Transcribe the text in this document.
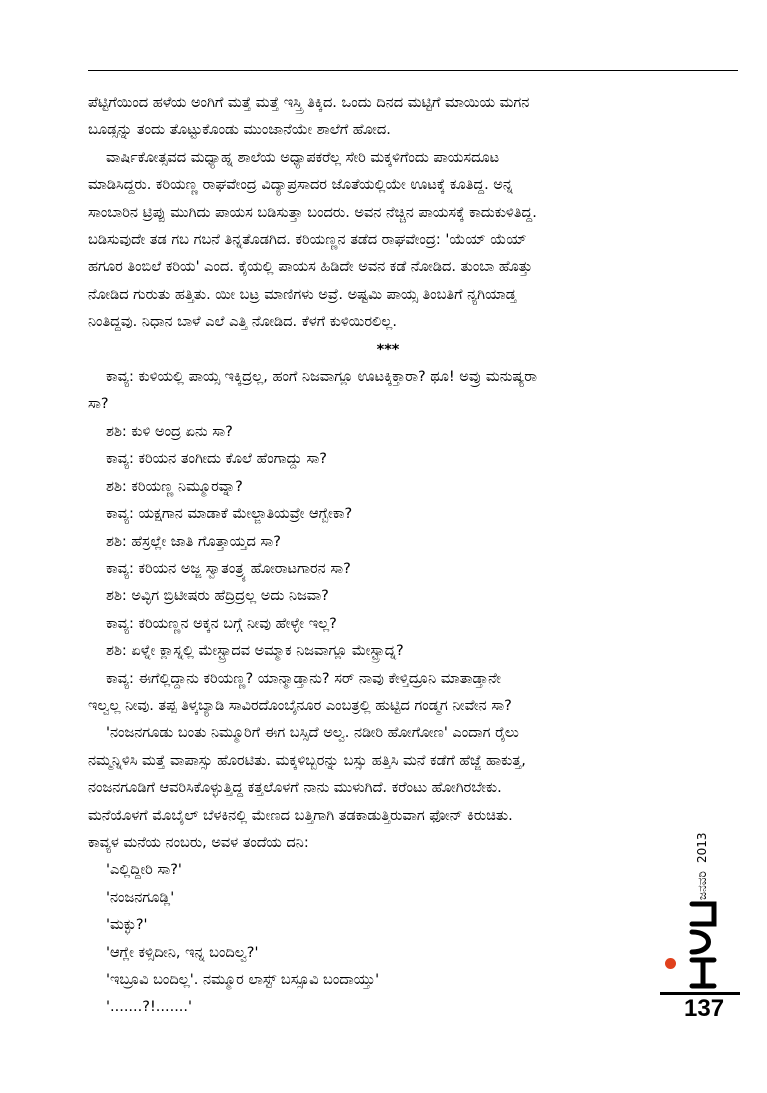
ಪೆಟ್ಟಿಗೆಯಿಂದ ಹಳೆಯ ಅಂಗಿಗೆ ಮತ್ತೆ ಮತ್ತೆ ಇಸ್ತ್ರಿ ತಿಕ್ಕಿದ. ಒಂದು ದಿನದ ಮಟ್ಟಿಗೆ ಮಾಯಿಯ ಮಗನ

ಬೂಡ್ಸನ್ನು ತಂದು ತೊಟ್ಟುಕೊಂಡು ಮುಂಜಾನೆಯೇ ಶಾಲೆಗೆ ಹೋದ.

ವಾರ್ಷಿಕೋತ್ಸವದ ಮಧ್ಯಾಹ್ನ ಶಾಲೆಯ ಅಧ್ಯಾಪಕರೆಲ್ಲ ಸೇರಿ ಮಕ್ಕಳಿಗೆಂದು ಪಾಯಸದೂಟ

ಮಾಡಿಸಿದ್ದರು. ಕರಿಯಣ್ಣ ರಾಘವೇಂದ್ರ ವಿದ್ಯಾಪ್ರಸಾದರ ಜೊತೆಯಲ್ಲಿಯೇ ಊಟಕ್ಕೆ ಕೂತಿದ್ದ. ಅನ್ನ

ಸಾಂಬಾರಿನ ಟ್ರಿಪ್ಪು ಮುಗಿದು ಪಾಯಸ ಬಡಿಸುತ್ತಾ ಬಂದರು. ಅವನ ನೆಚ್ಚಿನ ಪಾಯಸಕ್ಕೆ ಕಾದುಕುಳಿತಿದ್ದ.

ಬಡಿಸುವುದೇ ತಡ ಗಬ ಗಬನೆ ತಿನ್ನತೊಡಗಿದ. ಕರಿಯಣ್ಣನ ತಡೆದ ರಾಘವೇಂದ್ರ: 'ಯೆಯ್ ಯೆಯ್

ಹಗೂರ ತಿಂಬಿಲೆ ಕರಿಯ' ಎಂದ. ಕೈಯಲ್ಲಿ ಪಾಯಸ ಹಿಡಿದೇ ಅವನ ಕಡೆ ನೋಡಿದ. ತುಂಬಾ ಹೊತ್ತು

ನೋಡಿದ ಗುರುತು ಹತ್ತಿತು. ಯೀ ಬಟ್ರ ಮಾಣಿಗಳು ಅವ್ರೆ. ಅಷ್ಟಮಿ ಪಾಯ್ಸ ತಿಂಬತಿಗೆ ನ್ಯಗಿಯಾಡ್ತ

ನಿಂತಿದ್ದವು. ನಿಧಾನ ಬಾಳೆ ಎಲೆ ಎತ್ತಿ ನೋಡಿದ. ಕೆಳಗೆ ಕುಳಿಯಿರಲಿಲ್ಲ.

***

ಕಾವ್ಯ: ಕುಳಿಯಲ್ಲಿ ಪಾಯ್ಸ ಇಕ್ಕಿದ್ರಲ್ಲ, ಹಂಗೆ ನಿಜವಾಗ್ಲೂ ಊಟಕ್ಕಿಕ್ತಾರಾ? ಥೂ! ಅವ್ರು ಮನುಷ್ಯರಾ

ಸಾ?

ಶಶಿ: ಕುಳಿ ಅಂದ್ರ ಏನು ಸಾ?

ಕಾವ್ಯ: ಕರಿಯನ ತಂಗೀದು ಕೊಲೆ ಹೆಂಗಾದ್ದು ಸಾ?

ಶಶಿ: ಕರಿಯಣ್ಣ ನಿಮ್ಮೂರವ್ನಾ?

ಕಾವ್ಯ: ಯಕ್ಷಗಾನ ಮಾಡಾಕೆ ಮೇಲ್ಜಾತಿಯವ್ರೇ ಆಗ್ಬೇಕಾ?

ಶಶಿ: ಹೆಸ್ರಲ್ಲೇ ಜಾತಿ ಗೊತ್ತಾಯ್ತದ ಸಾ?

ಕಾವ್ಯ: ಕರಿಯನ ಅಜ್ಜ ಸ್ವಾತಂತ್ರ್ಯ ಹೋರಾಟಗಾರನ ಸಾ?

ಶಶಿ: ಅವ್ಳಿಗ ಬ್ರಿಟೀಷರು ಹೆದ್ರಿದ್ರಲ್ಲ ಅದು ನಿಜವಾ?

ಕಾವ್ಯ: ಕರಿಯಣ್ಣನ ಅಕ್ಕನ ಬಗ್ಗೆ ನೀವು ಹೇಳ್ಳೇ ಇಲ್ಲ?

ಶಶಿ: ಏಳ್ನೇ ಕ್ಲಾಸ್ನಲ್ಲಿ ಮೇಸ್ಟ್ರಾದವ ಅಮ್ಮಾಕ ನಿಜವಾಗ್ಲೂ ಮೇಸ್ಟ್ರಾದ್ನ?

ಕಾವ್ಯ: ಈಗೆಲ್ಲಿದ್ದಾನು ಕರಿಯಣ್ಣ? ಯಾನ್ಮಾಡ್ತಾನು? ಸರ್ ನಾವು ಕೇಳ್ತಿದ್ರೂನಿ ಮಾತಾಡ್ತಾನೇ

ಇಲ್ವಲ್ಲ ನೀವು. ತಪ್ಪ ತಿಳ್ಕಬ್ಯಾಡಿ ಸಾವಿರದೊಂಬೈನೂರ ಎಂಬತ್ರಲ್ಲಿ ಹುಟ್ಟಿದ ಗಂಡ್ಮಗ ನೀವೇನ ಸಾ?

'ನಂಜನಗೂಡು ಬಂತು ನಿಮ್ಮೂರಿಗೆ ಈಗ ಬಸ್ಸಿದೆ ಅಲ್ವ. ನಡೀರಿ ಹೋಗೋಣ' ಎಂದಾಗ ರೈಲು

ನಮ್ಮನ್ನಿಳಿಸಿ ಮತ್ತೆ ವಾಪಾಸ್ಸು ಹೊರಟಿತು. ಮಕ್ಕಳಿಬ್ಬರನ್ನು ಬಸ್ಸು ಹತ್ತಿಸಿ ಮನೆ ಕಡೆಗೆ ಹೆಜ್ಜೆ ಹಾಕುತ್ತ,

ನಂಜನಗೂಡಿಗೆ ಆವರಿಸಿಕೊಳ್ಳುತ್ತಿದ್ದ ಕತ್ತಲೊಳಗೆ ನಾನು ಮುಳುಗಿದೆ. ಕರೆಂಟು ಹೋಗಿರಬೇಕು.

ಮನೆಯೊಳಗೆ ಮೊಬೈಲ್ ಬೆಳಕಿನಲ್ಲಿ ಮೇಣದ ಬತ್ತಿಗಾಗಿ ತಡಕಾಡುತ್ತಿರುವಾಗ ಫೋನ್ ಕಿರುಚಿತು.

ಕಾವ್ಯಳ ಮನೆಯ ನಂಬರು, ಅವಳ ತಂದೆಯ ದನಿ:

'ಎಲ್ಲಿದ್ದೀರಿ ಸಾ?'

'ನಂಜನಗೂಡ್ಲಿ'

'ಮಕ್ಳು?'

'ಆಗ್ಲೇ ಕಳ್ಸಿದೀನಿ, ಇನ್ನ ಬಂದಿಲ್ವ?'

'ಇಬ್ರೂವಿ ಬಂದಿಲ್ಲ'. ನಮ್ಮೂರ ಲಾಸ್ಟ್ ಬಸ್ಸೂವಿ ಬಂದಾಯ್ತು'

'.......?!.......'

ಜನವರಿ
2013
137
